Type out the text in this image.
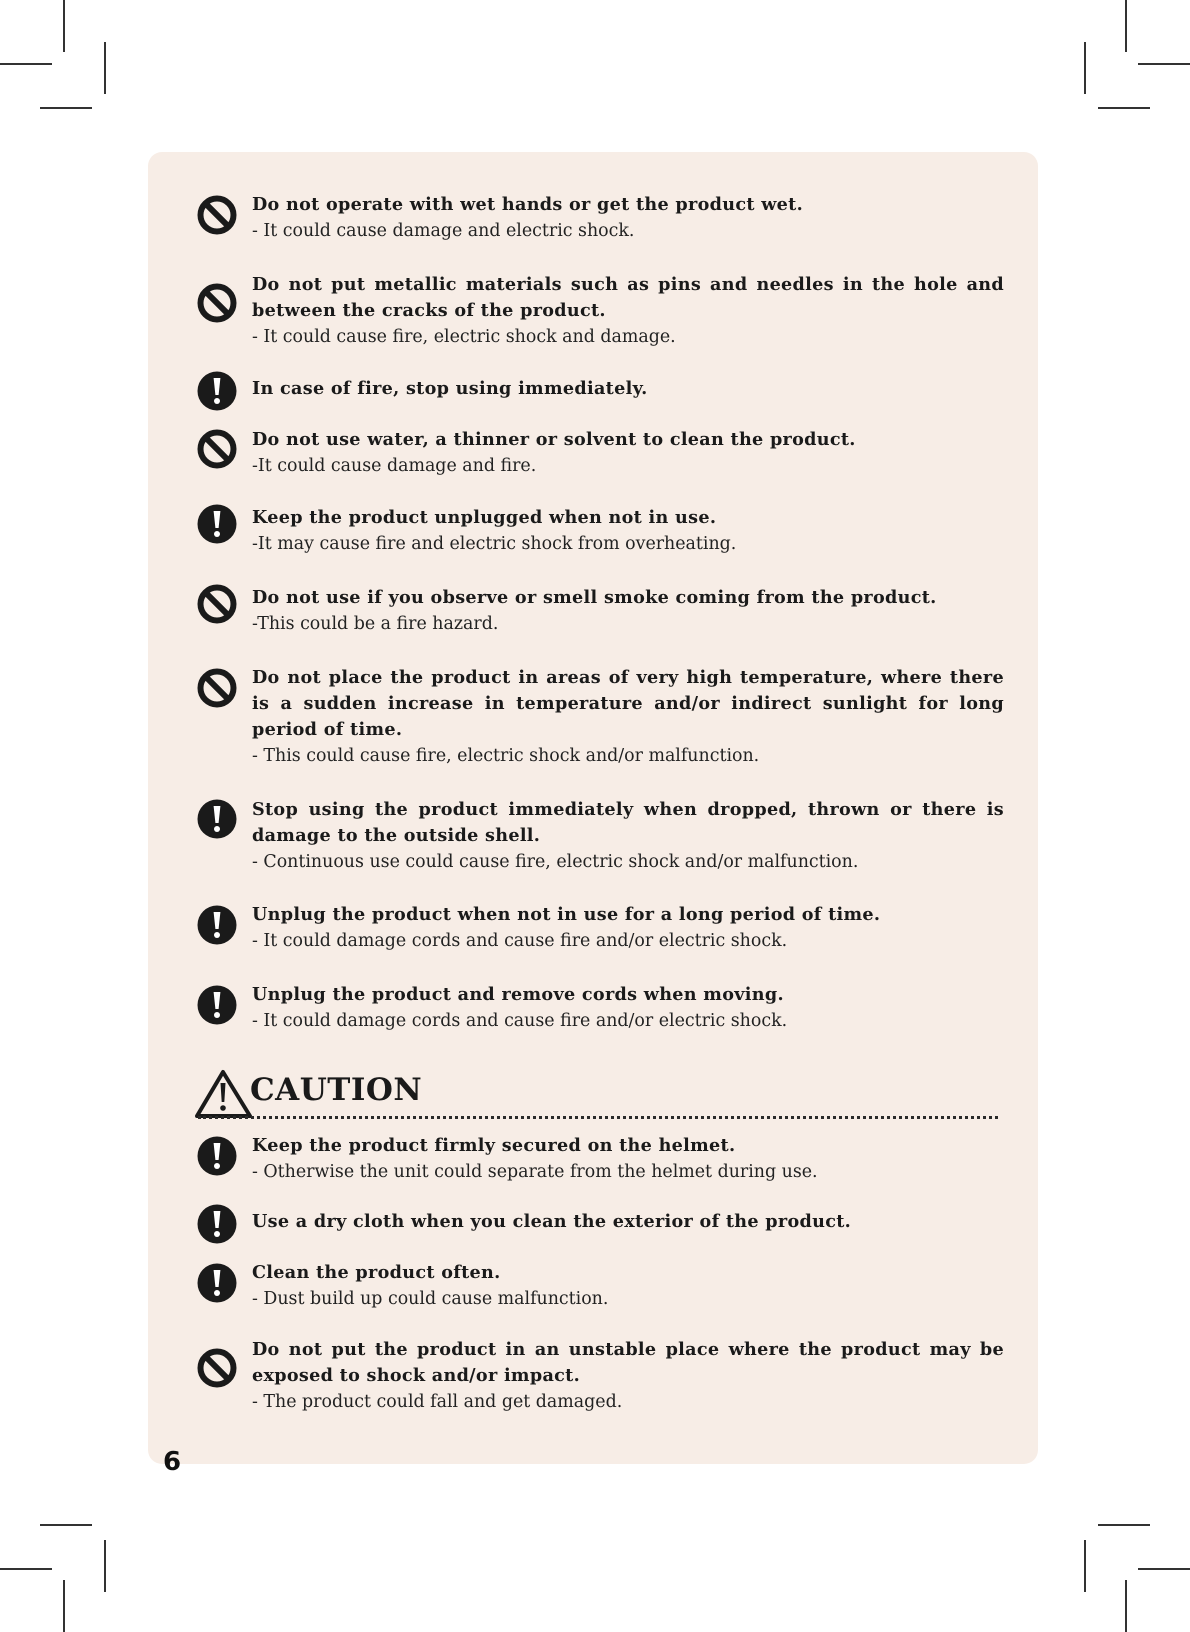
Do not operate with wet hands or get the product wet.
- It could cause damage and electric shock.
Do not put metallic materials such as pins and needles in the hole and between the cracks of the product.
- It could cause fire, electric shock and damage.
In case of fire, stop using immediately.
Do not use water, a thinner or solvent to clean the product.
-It could cause damage and fire.
Keep the product unplugged when not in use.
-It may cause fire and electric shock from overheating.
Do not use if you observe or smell smoke coming from the product.
-This could be a fire hazard.
Do not place the product in areas of very high temperature, where there is a sudden increase in temperature and/or indirect sunlight for long period of time.
- This could cause fire, electric shock and/or malfunction.
Stop using the product immediately when dropped, thrown or there is damage to the outside shell.
- Continuous use could cause fire, electric shock and/or malfunction.
Unplug the product when not in use for a long period of time.
- It could damage cords and cause fire and/or electric shock.
Unplug the product and remove cords when moving.
- It could damage cords and cause fire and/or electric shock.
CAUTION
Keep the product firmly secured on the helmet.
- Otherwise the unit could separate from the helmet during use.
Use a dry cloth when you clean the exterior of the product.
Clean the product often.
- Dust build up could cause malfunction.
Do not put the product in an unstable place where the product may be exposed to shock and/or impact.
- The product could fall and get damaged.
6
